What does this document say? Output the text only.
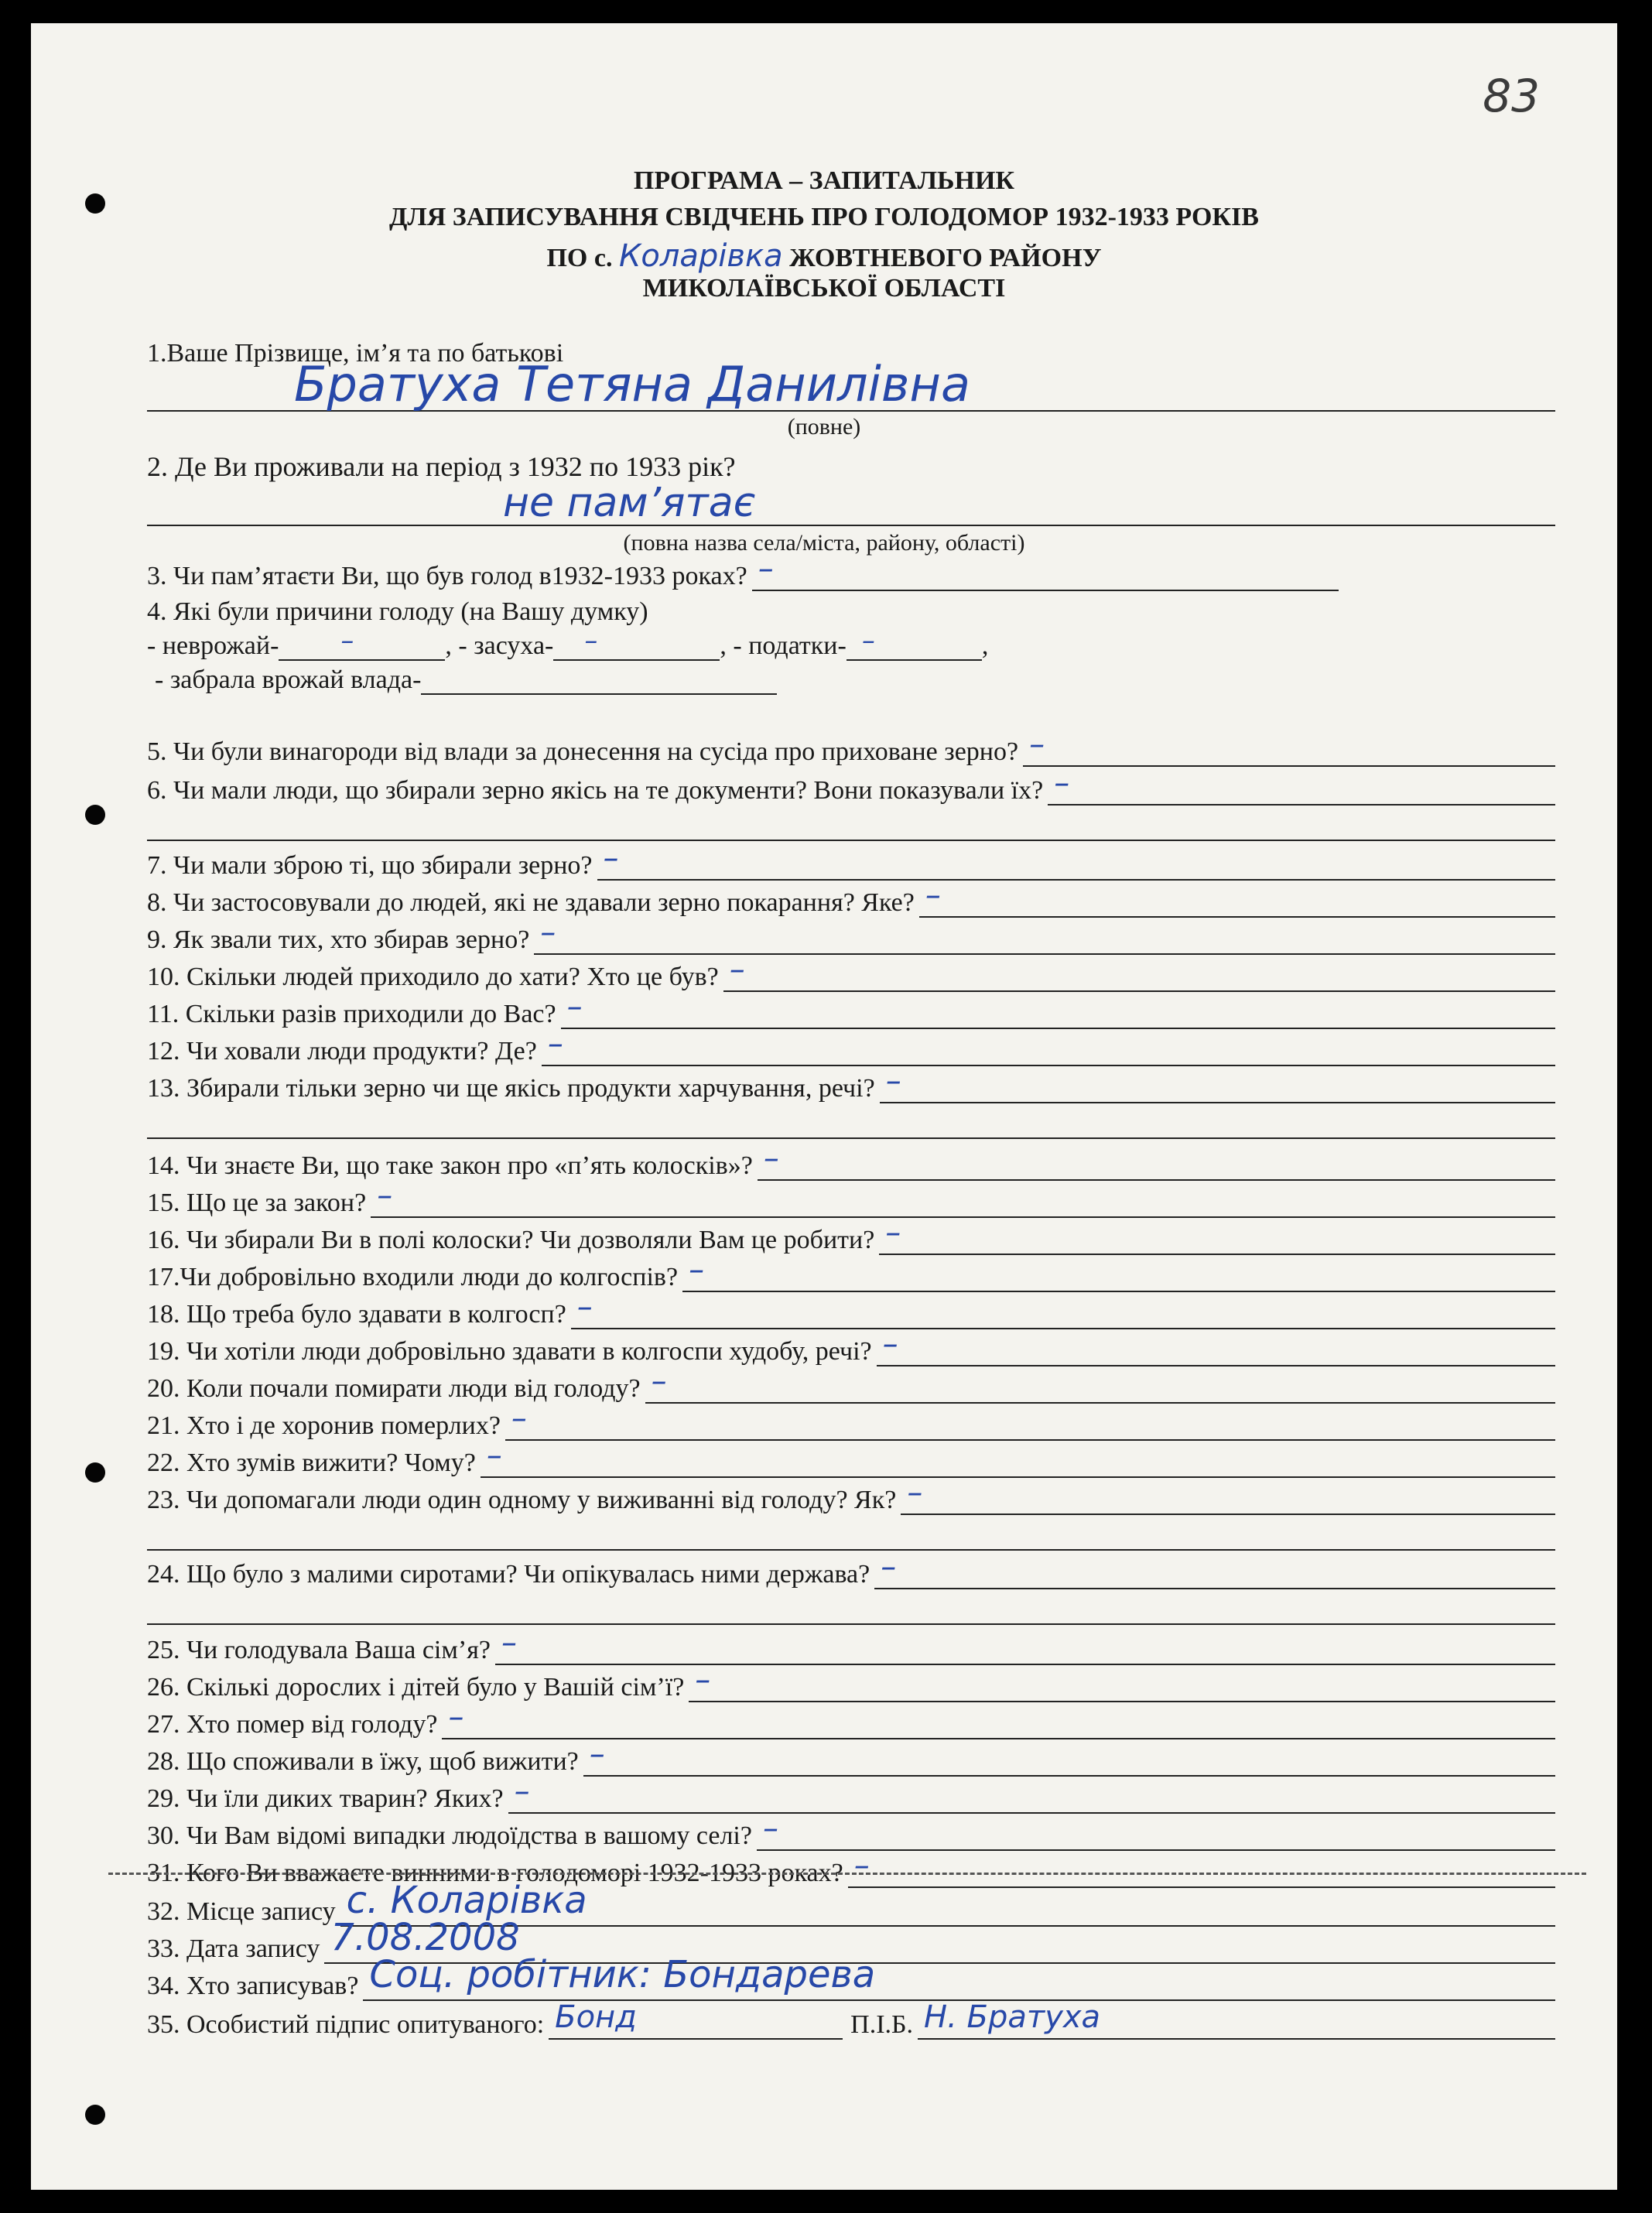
83
ПРОГРАМА – ЗАПИТАЛЬНИК
ДЛЯ ЗАПИСУВАННЯ СВІДЧЕНЬ ПРО ГОЛОДОМОР 1932-1933 РОКІВ
ПО с. Коларівка ЖОВТНЕВОГО РАЙОНУ
МИКОЛАЇВСЬКОЇ ОБЛАСТІ
1.Ваше Прізвище, ім’я та по батькові
Братуха Тетяна Данилівна
(повне)
2. Де Ви проживали на період з 1932 по 1933 рік?
не пам’ятає
(повна назва села/міста, району, області)
3. Чи пам’ятаєти Ви, що був голод в1932-1933 роках? –
4. Які були причини голоду (на Вашу думку)
- неврожай- –
	, - засуха- –
	, - податки- –
	,
- забрала врожай влада-

5. Чи були винагороди від влади за донесення на сусіда про приховане зерно? –
6. Чи мали люди, що збирали зерно якісь на те документи? Вони показували їх? –
7. Чи мали зброю ті, що збирали зерно? –
8. Чи застосовували до людей, які не здавали зерно покарання? Яке? –
9. Як звали тих, хто збирав зерно? –
10. Скільки людей приходило до хати? Хто це був? –
11. Скільки разів приходили до Вас? –
12. Чи ховали люди продукти? Де? –
13. Збирали тільки зерно чи ще якісь продукти харчування, речі? –
14. Чи знаєте Ви, що таке закон про «п’ять колосків»? –
15. Що це за закон? –
16. Чи збирали Ви в полі колоски? Чи дозволяли Вам це робити? –
17.Чи добровільно входили люди до колгоспів? –
18. Що треба було здавати в колгосп? –
19. Чи хотіли люди добровільно здавати в колгоспи худобу, речі? –
20. Коли почали помирати люди від голоду? –
21. Хто і де хоронив померлих? –
22. Хто зумів вижити? Чому? –
23. Чи допомагали люди один одному у виживанні від голоду? Як? –
24. Що було з малими сиротами? Чи опікувалась ними держава? –
25. Чи голодувала Ваша сім’я? –
26. Скількі дорослих і дітей було у Вашій сім’ї? –
27. Хто помер від голоду? –
28. Що споживали в їжу, щоб вижити? –
29. Чи їли диких тварин? Яких? –
30. Чи Вам відомі випадки людоїдства в вашому селі? –
31. Кого Ви вважаєте винними в голодоморі 1932-1933 роках? –
32. Місце запису с. Коларівка
33. Дата запису 7.08.2008
34. Хто записував? Соц. робітник: Бондарева
35. Особистий підпис опитуваного: Бонд	П.І.Б. Н. Братуха
